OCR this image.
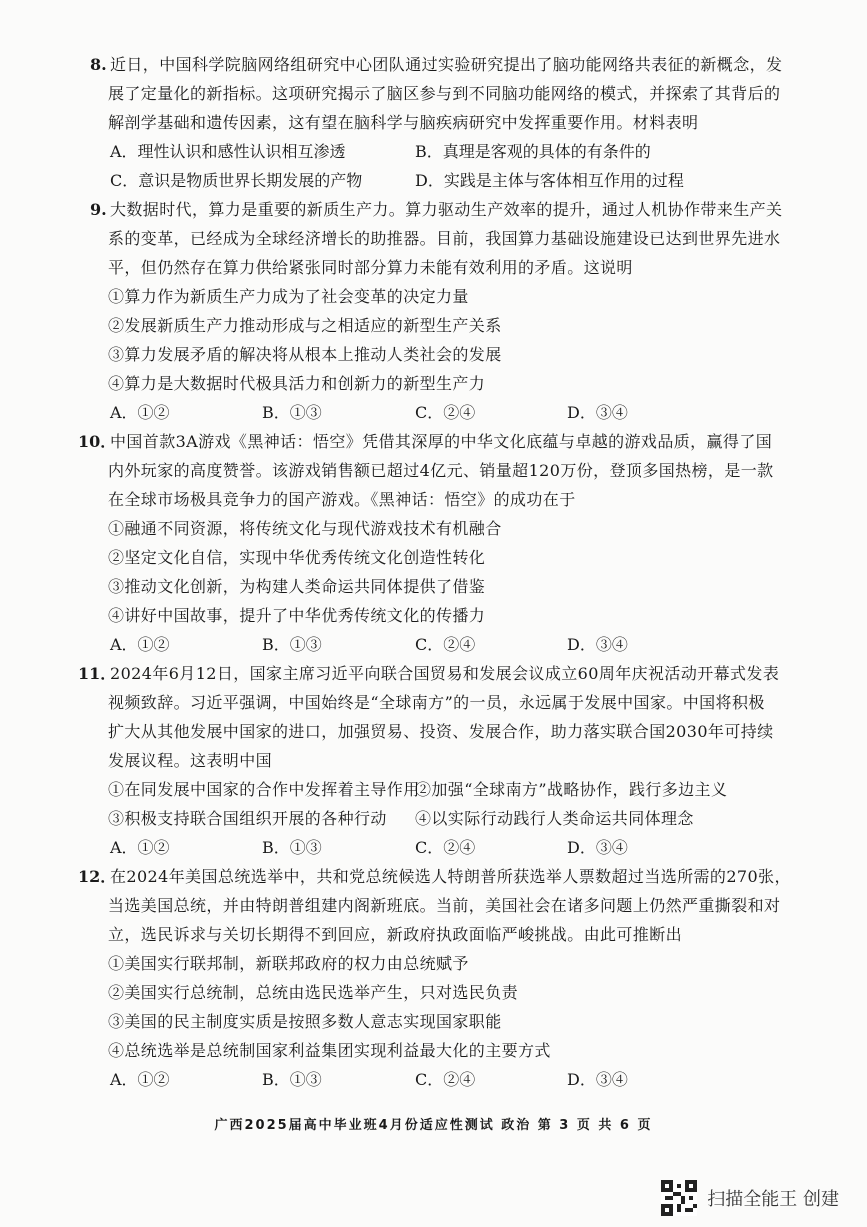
8. 近日，中国科学院脑网络组研究中心团队通过实验研究提出了脑功能网络共表征的新概念，发
展了定量化的新指标。这项研究揭示了脑区参与到不同脑功能网络的模式，并探索了其背后的
解剖学基础和遗传因素，这有望在脑科学与脑疾病研究中发挥重要作用。材料表明
A．理性认识和感性认识相互渗透	B．真理是客观的具体的有条件的
C．意识是物质世界长期发展的产物	D．实践是主体与客体相互作用的过程
9. 大数据时代，算力是重要的新质生产力。算力驱动生产效率的提升，通过人机协作带来生产关
系的变革，已经成为全球经济增长的助推器。目前，我国算力基础设施建设已达到世界先进水
平，但仍然存在算力供给紧张同时部分算力未能有效利用的矛盾。这说明
①算力作为新质生产力成为了社会变革的决定力量
②发展新质生产力推动形成与之相适应的新型生产关系
③算力发展矛盾的解决将从根本上推动人类社会的发展
④算力是大数据时代极具活力和创新力的新型生产力
A．①②	B．①③	C．②④	D．③④
10．
中国首款3A游戏《黑神话：悟空》凭借其深厚的中华文化底蕴与卓越的游戏品质，赢得了国
内外玩家的高度赞誉。该游戏销售额已超过4亿元、销量超120万份，登顶多国热榜，是一款
在全球市场极具竞争力的国产游戏。《黑神话：悟空》的成功在于
①融通不同资源，将传统文化与现代游戏技术有机融合
②坚定文化自信，实现中华优秀传统文化创造性转化
③推动文化创新，为构建人类命运共同体提供了借鉴
④讲好中国故事，提升了中华优秀传统文化的传播力
A．①②	B．①③	C．②④	D．③④
11．
2024年6月12日，国家主席习近平向联合国贸易和发展会议成立60周年庆祝活动开幕式发表
视频致辞。习近平强调，中国始终是“全球南方”的一员，永远属于发展中国家。中国将积极
扩大从其他发展中国家的进口，加强贸易、投资、发展合作，助力落实联合国2030年可持续
发展议程。这表明中国
①在同发展中国家的合作中发挥着主导作用
②加强“全球南方”战略协作，践行多边主义
③积极支持联合国组织开展的各种行动 ④以实际行动践行人类命运共同体理念
A．①②	B．①③	C．②④	D．③④
12．
在2024年美国总统选举中，共和党总统候选人特朗普所获选举人票数超过当选所需的270张，
当选美国总统，并由特朗普组建内阁新班底。当前，美国社会在诸多问题上仍然严重撕裂和对
立，选民诉求与关切长期得不到回应，新政府执政面临严峻挑战。由此可推断出
①美国实行联邦制，新联邦政府的权力由总统赋予
②美国实行总统制，总统由选民选举产生，只对选民负责
③美国的民主制度实质是按照多数人意志实现国家职能
④总统选举是总统制国家利益集团实现利益最大化的主要方式
A．①②	B．①③	C．②④	D．③④
广西2025届高中毕业班4月份适应性测试 政治 第 3 页 共 6 页
扫描全能王 创建
